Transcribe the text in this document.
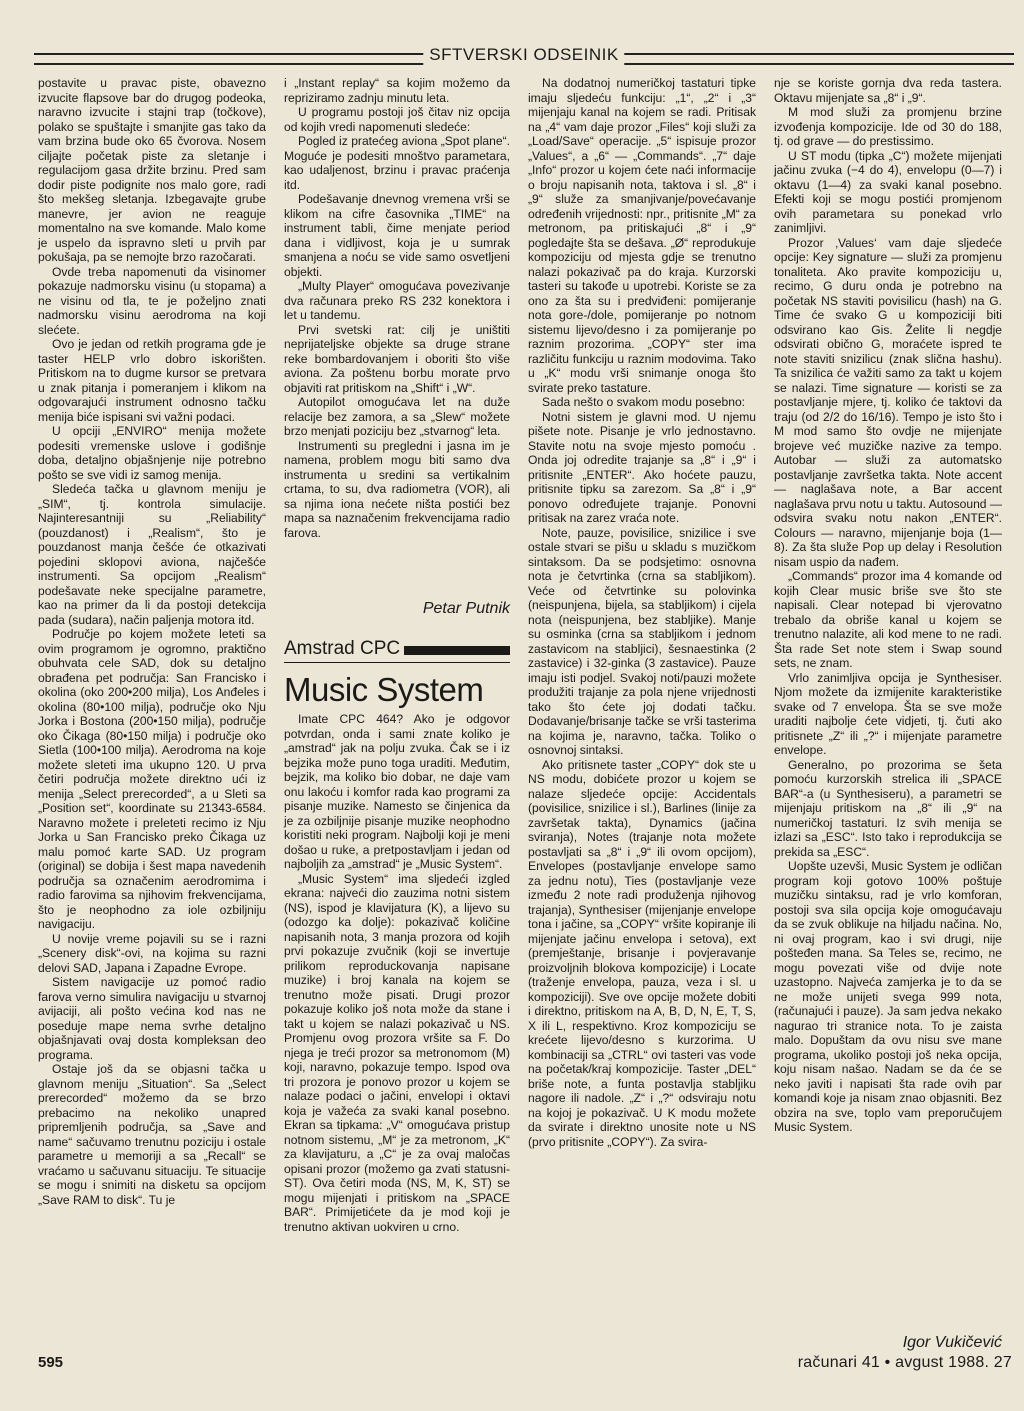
SFTVERSKI ODSEINIK

postavite u pravac piste, obavezno izvucite flapsove bar do drugog podeoka, naravno izvucite i stajni trap (točkove), polako se spuštajte i smanjite gas tako da vam brzina bude oko 65 čvorova. Nosem cilјajte početak piste za sletanje i regulacijom gasa držite brzinu. Pred sam dodir piste podignite nos malo gore, radi što mekšeg sletanja. Izbegavajte grube manevre, jer avion ne reaguje momentalno na sve komande. Malo kome je uspelo da ispravno sleti u prvih par pokušaja, pa se nemojte brzo razočarati.

Ovde treba napomenuti da visinomer pokazuje nadmorsku visinu (u stopama) a ne visinu od tla, te je poželjno znati nadmorsku visinu aerodroma na koji slećete.

Ovo je jedan od retkih programa gde je taster HELP vrlo dobro iskorišten. Pritiskom na to dugme kursor se pretvara u znak pitanja i pomeranjem i klikom na odgovarajući instrument odnosno tačku menija biće ispisani svi važni podaci.

U opciji „ENVIRO“ menija možete podesiti vremenske uslove i godišnje doba, detaljno objašnjenje nije potrebno pošto se sve vidi iz samog menija.

Sledeća tačka u glavnom meniju je „SIM“, tj. kontrola simulacije. Najinteresantniji su „Reliability“ (pouzdanost) i „Realism“, što je pouzdanost manja češće će otkazivati pojedini sklopovi aviona, najčešće instrumenti. Sa opcijom „Realism“ podešavate neke specijalne parametre, kao na primer da li da postoji detekcija pada (sudara), način paljenja motora itd.

Područje po kojem možete leteti sa ovim programom je ogromno, praktično obuhvata cele SAD, dok su detaljno obrađena pet područja: San Francisko i okolina (oko 200•200 milja), Los Anđeles i okolina (80•100 milja), područje oko Nju Jorka i Bostona (200•150 milja), područje oko Čikaga (80•150 milja) i područje oko Sietla (100•100 milja). Aerodroma na koje možete sleteti ima ukupno 120. U prva četiri područja možete direktno ući iz menija „Select prerecorded“, a u Sleti sa „Position set“, koordinate su 21343-6584. Naravno možete i preleteti recimo iz Nju Jorka u San Francisko preko Čikaga uz malu pomoć karte SAD. Uz program (original) se dobija i šest mapa navedenih područja sa označenim aerodromima i radio farovima sa njihovim frekvencijama, što je neophodno za iole ozbiljniju navigaciju.

U novije vreme pojavili su se i razni „Scenery disk“-ovi, na kojima su razni delovi SAD, Japana i Zapadne Evrope.

Sistem navigacije uz pomoć radio farova verno simulira navigaciju u stvarnoj avijaciji, ali pošto većina kod nas ne poseduje mape nema svrhe detaljno objašnjavati ovaj dosta kompleksan deo programa.

Ostaje još da se objasni tačka u glavnom meniju „Situation“. Sa „Select prerecorded“ možemo da se brzo prebacimo na nekoliko unapred pripremljenih područja, sa „Save and name“ sačuvamo trenutnu poziciju i ostale parametre u memoriji a sa „Recall“ se vraćamo u sačuvanu situaciju. Te situacije se mogu i snimiti na disketu sa opcijom „Save RAM to disk“. Tu je

i „Instant replay“ sa kojim možemo da repriziramo zadnju minutu leta.

U programu postoji još čitav niz opcija od kojih vredi napomenuti sledeće:

Pogled iz pratećeg aviona „Spot plane“. Moguće je podesiti mnoštvo parametara, kao udaljenost, brzinu i pravac praćenja itd.

Podešavanje dnevnog vremena vrši se klikom na cifre časovnika „TIME“ na instrument tabli, čime menjate period dana i vidljivost, koja je u sumrak smanjena a noću se vide samo osvetljeni objekti.

„Multy Player“ omogućava povezivanje dva računara preko RS 232 konektora i let u tandemu.

Prvi svetski rat: cilj je uništiti neprijateljske objekte sa druge strane reke bombardovanjem i oboriti što više aviona. Za poštenu borbu morate prvo objaviti rat pritiskom na „Shift“ i „W“.

Autopilot omogućava let na duže relacije bez zamora, a sa „Slew“ možete brzo menjati poziciju bez „stvarnog“ leta.

Instrumenti su pregledni i jasna im je namena, problem mogu biti samo dva instrumenta u sredini sa vertikalnim crtama, to su, dva radiometra (VOR), ali sa njima iona nećete ništa postići bez mapa sa naznačenim frekvencijama radio farova.

Petar Putnik
Amstrad CPC
Music System

Imate CPC 464? Ako je odgovor potvrdan, onda i sami znate koliko je „amstrad“ jak na polju zvuka. Čak se i iz bejzika može puno toga uraditi. Međutim, bejzik, ma koliko bio dobar, ne daje vam onu lakoću i komfor rada kao programi za pisanje muzike. Namesto se činjenica da je za ozbiljnije pisanje muzike neophodno koristiti neki program. Najbolji koji je meni došao u ruke, a pretpostavljam i jedan od najboljih za „amstrad“ je „Music System“.

„Music System“ ima sljedeći izgled ekrana: najveći dio zauzima notni sistem (NS), ispod je klavijatura (K), a lijevo su (odozgo ka dolje): pokazivač količine napisanih nota, 3 manja prozora od kojih prvi pokazuje zvučnik (koji se invertuje prilikom reproduckovanja napisane muzike) i broj kanala na kojem se trenutno može pisati. Drugi prozor pokazuje koliko još nota može da stane i takt u kojem se nalazi pokazivač u NS. Promjenu ovog prozora vršite sa F. Do njega je treći prozor sa metronomom (M) koji, naravno, pokazuje tempo. Ispod ova tri prozora je ponovo prozor u kojem se nalaze podaci o jačini, envelopi i oktavi koja je važeća za svaki kanal posebno. Ekran sa tipkama: „V“ omogućava pristup notnom sistemu, „M“ je za metronom, „K“ za klavijaturu, a „C“ je za ovaj maločas opisani prozor (možemo ga zvati statusni-ST). Ova četiri moda (NS, M, K, ST) se mogu mijenjati i pritiskom na „SPACE BAR“. Primijetićete da je mod koji je trenutno aktivan uokviren u crno.

Na dodatnoj numeričkoj tastaturi tipke imaju sljedeću funkciju: „1“, „2“ i „3“ mijenjaju kanal na kojem se radi. Pritisak na „4“ vam daje prozor „Files“ koji služi za „Load/Save“ operacije. „5“ ispisuje prozor „Values“, a „6“ — „Commands“. „7“ daje „Info“ prozor u kojem ćete naći informacije o broju napisanih nota, taktova i sl. „8“ i „9“ služe za smanjivanje/povećavanje određenih vrijednosti: npr., pritisnite „M“ za metronom, pa pritiskajući „8“ i „9“ pogledajte šta se dešava. „Ø“ reprodukuje kompoziciju od mjesta gdje se trenutno nalazi pokazivač pa do kraja. Kurzorski tasteri su takođe u upotrebi. Koriste se za ono za šta su i predviđeni: pomijeranje nota gore-/dole, pomijeranje po notnom sistemu lijevo/desno i za pomijeranje po raznim prozorima. „COPY“ ster ima različitu funkciju u raznim modovima. Tako u „K“ modu vrši snimanje onoga što svirate preko tastature.

Sada nešto o svakom modu posebno:

Notni sistem je glavni mod. U njemu pišete note. Pisanje je vrlo jednostavno. Stavite notu na svoje mjesto pomoću . Onda joj odredite trajanje sa „8“ i „9“ i pritisnite „ENTER“. Ako hoćete pauzu, pritisnite tipku sa zarezom. Sa „8“ i „9“ ponovo određujete trajanje. Ponovni pritisak na zarez vraća note.

Note, pauze, povisilice, snizilice i sve ostale stvari se pišu u skladu s muzičkom sintaksom. Da se podsjetimo: osnovna nota je četvrtinka (crna sa stabljikom). Veće od četvrtinke su polovinka (neispunjena, bijela, sa stabljikom) i cijela nota (neispunjena, bez stabljike). Manje su osminka (crna sa stabljikom i jednom zastavicom na stabljici), šesnaestinka (2 zastavice) i 32-ginka (3 zastavice). Pauze imaju isti podjel. Svakoj noti/pauzi možete produžiti trajanje za pola njene vrijednosti tako što ćete joj dodati tačku. Dodavanje/brisanje tačke se vrši tasterima na kojima je, naravno, tačka. Toliko o osnovnoj sintaksi.

Ako pritisnete taster „COPY“ dok ste u NS modu, dobićete prozor u kojem se nalaze sljedeće opcije: Accidentals (povisilice, snizilice i sl.), Barlines (linije za završetak takta), Dynamics (jačina sviranja), Notes (trajanje nota možete postavljati sa „8“ i „9“ ili ovom opcijom), Envelopes (postavljanje envelope samo za jednu notu), Ties (postavljanje veze između 2 note radi produženja njihovog trajanja), Synthesiser (mijenjanje envelope tona i jačine, sa „COPY“ vršite kopiranje ili mijenjate jačinu envelopa i setova), ext (premještanje, brisanje i povjeravanje proizvoljnih blokova kompozicije) i Locate (traženje envelopa, pauza, veza i sl. u kompoziciji). Sve ove opcije možete dobiti i direktno, pritiskom na A, B, D, N, E, T, S, X ili L, respektivno. Kroz kompoziciju se krećete lijevo/desno s kurzorima. U kombinaciji sa „CTRL“ ovi tasteri vas vode na početak/kraj kompozicije. Taster „DEL“ briše note, a funta postavlja stabljiku nagore ili nadole. „Z“ i „?“ odsviraju notu na kojoj je pokazivač. U K modu možete da svirate i direktno unosite note u NS (prvo pritisnite „COPY“). Za svira-

nje se koriste gornja dva reda tastera. Oktavu mijenjate sa „8“ i „9“.

M mod služi za promjenu brzine izvođenja kompozicije. Ide od 30 do 188, tj. od grave — do prestissimo.

U ST modu (tipka „C“) možete mijenjati jačinu zvuka (−4 do 4), envelopu (0—7) i oktavu (1—4) za svaki kanal posebno. Efekti koji se mogu postići promjenom ovih parametara su ponekad vrlo zanimljivi.

Prozor ‚Values‘ vam daje sljedeće opcije: Key signature — služi za promjenu tonaliteta. Ako pravite kompoziciju u, recimo, G duru onda je potrebno na početak NS staviti povisilicu (hash) na G. Time će svako G u kompoziciji biti odsvirano kao Gis. Želite li negdje odsvirati obično G, moraćete ispred te note staviti snizilicu (znak slična hashu). Ta snizilica će važiti samo za takt u kojem se nalazi. Time signature — koristi se za postavljanje mjere, tj. koliko će taktovi da traju (od 2/2 do 16/16). Tempo je isto što i M mod samo što ovdje ne mijenjate brojeve već muzičke nazive za tempo. Autobar — služi za automatsko postavljanje završetka takta. Note accent — naglašava note, a Bar accent naglašava prvu notu u taktu. Autosound — odsvira svaku notu nakon „ENTER“. Colours — naravno, mijenjanje boja (1—8). Za šta služe Pop up delay i Resolution nisam uspio da nađem.

„Commands“ prozor ima 4 komande od kojih Clear music briše sve što ste napisali. Clear notepad bi vjerovatno trebalo da obriše kanal u kojem se trenutno nalazite, ali kod mene to ne radi. Šta rade Set note stem i Swap sound sets, ne znam.

Vrlo zanimljiva opcija je Synthesiser. Njom možete da izmijenite karakteristike svake od 7 envelopa. Šta se sve može uraditi najbolje ćete vidjeti, tj. čuti ako pritisnete „Z“ ili „?“ i mijenjate parametre envelope.

Generalno, po prozorima se šeta pomoću kurzorskih strelica ili „SPACE BAR“-a (u Synthesiseru), a parametri se mijenjaju pritiskom na „8“ ili „9“ na numeričkoj tastaturi. Iz svih menija se izlazi sa „ESC“. Isto tako i reprodukcija se prekida sa „ESC“.

Uopšte uzevši, Music System je odličan program koji gotovo 100% poštuje muzičku sintaksu, rad je vrlo komforan, postoji sva sila opcija koje omogućavaju da se zvuk oblikuje na hiljadu načina. No, ni ovaj program, kao i svi drugi, nije pošteđen mana. Sa Teles se, recimo, ne mogu povezati više od dvije note uzastopno. Najveća zamjerka je to da se ne može unijeti svega 999 nota, (računajući i pauze). Ja sam jedva nekako nagurao tri stranice nota. To je zaista malo. Dopuštam da ovu nisu sve mane programa, ukoliko postoji još neka opcija, koju nisam našao. Nadam se da će se neko javiti i napisati šta rade ovih par komandi koje ja nisam znao objasniti. Bez obzira na sve, toplo vam preporučujem Music System.

Igor Vukičević
595	računari 41 • avgust 1988. 27
